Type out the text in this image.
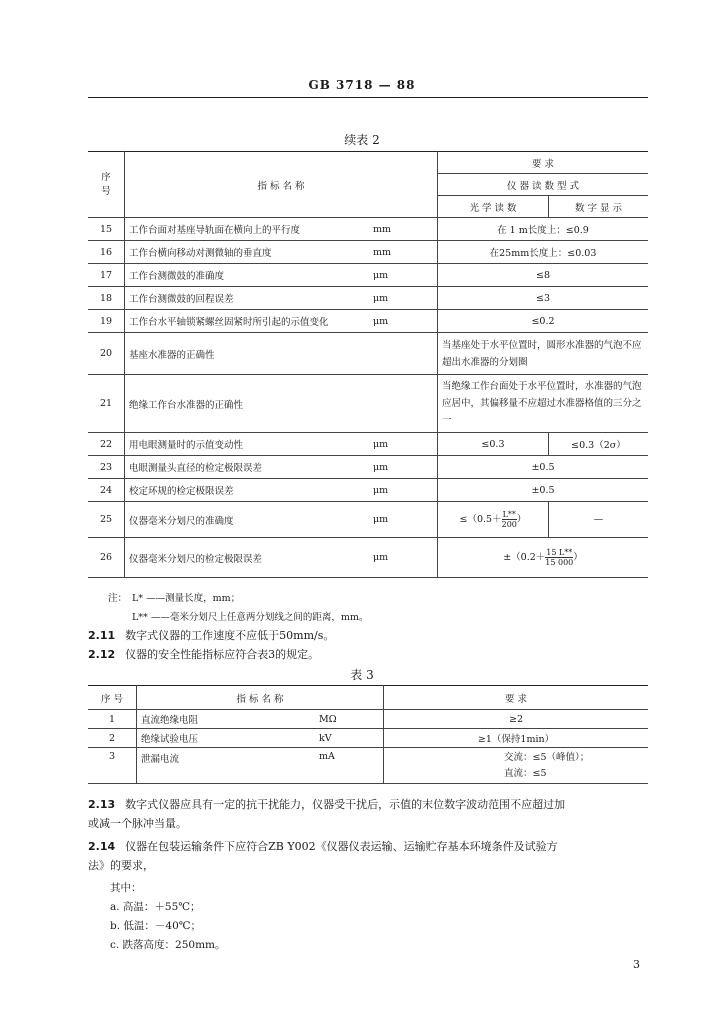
GB 3718 — 88
续表 2
序
号	指 标 名 称		要 求	
			仪 器 读 数 型 式	
			光 学 读 数	数 字 显 示
15	工作台面对基座导轨面在横向上的平行度	mm	在 1 m长度上：≤0.9	
16	工作台横向移动对测微轴的垂直度	mm	在25mm长度上：≤0.03	
17	工作台测微鼓的准确度	μm	≤8	
18	工作台测微鼓的回程误差	μm	≤3	
19	工作台水平轴锁紧螺丝固紧时所引起的示值变化	μm	≤0.2	
20	基座水准器的正确性		当基座处于水平位置时，圆形水准器的气泡不应超出水准器的分划圈	
21	绝缘工作台水准器的正确性		当绝缘工作台面处于水平位置时，水准器的气泡应居中，其偏移量不应超过水准器格值的三分之一	
22	用电眼测量时的示值变动性	μm	≤0.3	≤0.3（2σ）
23	电眼测量头直径的检定极限误差	μm	±0.5	
24	校定环规的检定极限误差	μm	±0.5	
25	仪器毫米分划尺的准确度	μm	$\le(0.5+ \frac{L**}{200}$ ）	—
26	仪器毫米分划尺的检定极限误差	μm	$\pm(0.2+ \frac{15 L**}{15 000}$ ）	
注： L* ——测量长度，mm；
L** ——毫米分划尺上任意两分划线之间的距离，mm。
2.11 数字式仪器的工作速度不应低于50mm/s。
2.12 仪器的安全性能指标应符合表3的规定。
表 3
序 号	指 标 名 称		要 求
1	直流绝缘电阻	MΩ	≥2
2	绝缘试验电压	kV	≥1（保持1min）
3	泄漏电流	mA	交流：≤5（峰值）；
直流：≤5
2.13 数字式仪器应具有一定的抗干扰能力，仪器受干扰后，示值的末位数字波动范围不应超过加
或减一个脉冲当量。
2.14 仪器在包装运输条件下应符合ZB Y002《仪器仪表运输、运输贮存基本环境条件及试验方
法》的要求，
其中：
a. 高温：＋55℃；
b. 低温：－40℃；
c. 跌落高度：250mm。
3
